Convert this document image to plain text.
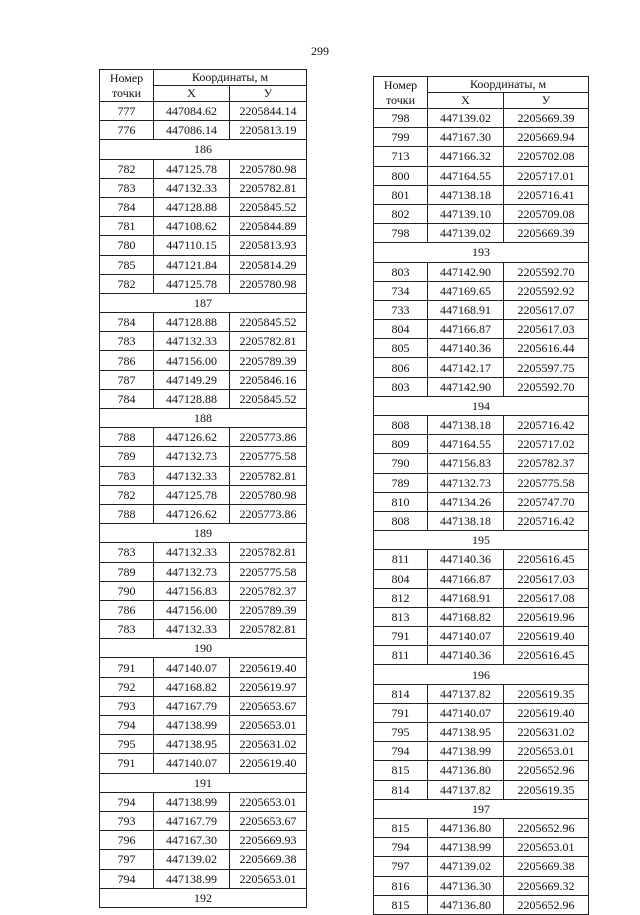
299
Номер точки	Координаты, м	
	X	У
777	447084.62	2205844.14
776	447086.14	2205813.19
186		
782	447125.78	2205780.98
783	447132.33	2205782.81
784	447128.88	2205845.52
781	447108.62	2205844.89
780	447110.15	2205813.93
785	447121.84	2205814.29
782	447125.78	2205780.98
187		
784	447128.88	2205845.52
783	447132.33	2205782.81
786	447156.00	2205789.39
787	447149.29	2205846.16
784	447128.88	2205845.52
188		
788	447126.62	2205773.86
789	447132.73	2205775.58
783	447132.33	2205782.81
782	447125.78	2205780.98
788	447126.62	2205773.86
189		
783	447132.33	2205782.81
789	447132.73	2205775.58
790	447156.83	2205782.37
786	447156.00	2205789.39
783	447132.33	2205782.81
190		
791	447140.07	2205619.40
792	447168.82	2205619.97
793	447167.79	2205653.67
794	447138.99	2205653.01
795	447138.95	2205631.02
791	447140.07	2205619.40
191		
794	447138.99	2205653.01
793	447167.79	2205653.67
796	447167.30	2205669.93
797	447139.02	2205669.38
794	447138.99	2205653.01
192		
Номер точки	Координаты, м	
	X	У
798	447139.02	2205669.39
799	447167.30	2205669.94
713	447166.32	2205702.08
800	447164.55	2205717.01
801	447138.18	2205716.41
802	447139.10	2205709.08
798	447139.02	2205669.39
193		
803	447142.90	2205592.70
734	447169.65	2205592.92
733	447168.91	2205617.07
804	447166.87	2205617.03
805	447140.36	2205616.44
806	447142.17	2205597.75
803	447142.90	2205592.70
194		
808	447138.18	2205716.42
809	447164.55	2205717.02
790	447156.83	2205782.37
789	447132.73	2205775.58
810	447134.26	2205747.70
808	447138.18	2205716.42
195		
811	447140.36	2205616.45
804	447166.87	2205617.03
812	447168.91	2205617.08
813	447168.82	2205619.96
791	447140.07	2205619.40
811	447140.36	2205616.45
196		
814	447137.82	2205619.35
791	447140.07	2205619.40
795	447138.95	2205631.02
794	447138.99	2205653.01
815	447136.80	2205652.96
814	447137.82	2205619.35
197		
815	447136.80	2205652.96
794	447138.99	2205653.01
797	447139.02	2205669.38
816	447136.30	2205669.32
815	447136.80	2205652.96
